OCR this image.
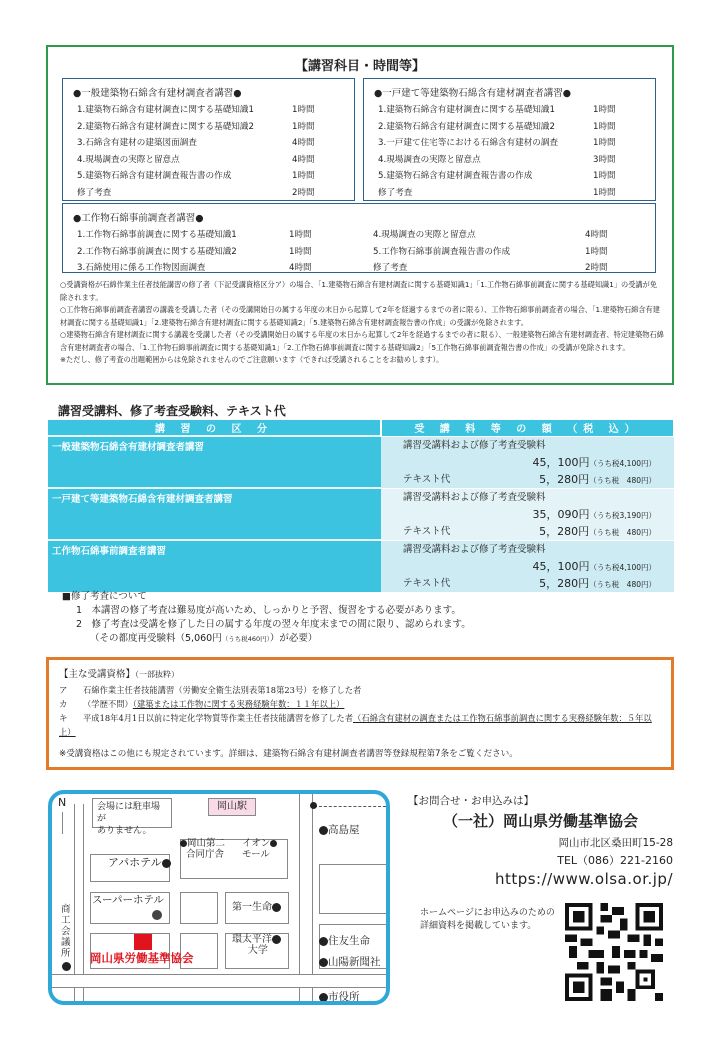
【講習科目・時間等】
●一般建築物石綿含有建材調査者講習●
1.建築物石綿含有建材調査に関する基礎知識1	1時間
2.建築物石綿含有建材調査に関する基礎知識2	1時間
3.石綿含有建材の建築図面調査	4時間
4.現場調査の実際と留意点	4時間
5.建築物石綿含有建材調査報告書の作成	1時間
修了考査	2時間
●一戸建て等建築物石綿含有建材調査者講習●
1.建築物石綿含有建材調査に関する基礎知識1	1時間
2.建築物石綿含有建材調査に関する基礎知識2	1時間
3.一戸建て住宅等における石綿含有建材の調査	1時間
4.現場調査の実際と留意点	3時間
5.建築物石綿含有建材調査報告書の作成	1時間
修了考査	1時間
●工作物石綿事前調査者講習●
1.工作物石綿事前調査に関する基礎知識1	1時間
2.工作物石綿事前調査に関する基礎知識2	1時間
3.石綿使用に係る工作物図面調査	4時間
4.現場調査の実際と留意点	4時間
5.工作物石綿事前調査報告書の作成	1時間
修了考査	2時間
○受講資格が石綿作業主任者技能講習の修了者（下記受講資格区分ア）の場合、「1.建築物石綿含有建材調査に関する基礎知識1」「1.工作物石綿事前調査に関する基礎知識1」の受講が免除されます。
○工作物石綿事前調査者講習の講義を受講した者（その受講開始日の属する年度の末日から起算して2年を経過するまでの者に限る）、工作物石綿事前調査者の場合、「1.建築物石綿含有建材調査に関する基礎知識1」「2.建築物石綿含有建材調査に関する基礎知識2」「5.建築物石綿含有建材調査報告書の作成」の受講が免除されます。
○建築物石綿含有建材調査に関する講義を受講した者（その受講開始日の属する年度の末日から起算して2年を経過するまでの者に限る）、一般建築物石綿含有建材調査者、特定建築物石綿含有建材調査者の場合、「1.工作物石綿事前調査に関する基礎知識1」「2.工作物石綿事前調査に関する基礎知識2」「5工作物石綿事前調査報告書の作成」の受講が免除されます。
※ただし、修了考査の出題範囲からは免除されませんのでご注意願います（できれば受講されることをお勧めします）。
講習受講料、修了考査受験料、テキスト代
講 習 の 区 分	受 講 料 等 の 額 （税 込）
一般建築物石綿含有建材調査者講習	講習受講料および修了考査受験料
45，100円（うち税4,100円）
テキスト代 5，280円（うち税　480円）

一戸建て等建築物石綿含有建材調査者講習	講習受講料および修了考査受験料
35，090円（うち税3,190円）
テキスト代 5，280円（うち税　480円）

工作物石綿事前調査者講習	講習受講料および修了考査受験料
45，100円（うち税4,100円）
テキスト代 5，280円（うち税　480円）
■修了考査について
1　本講習の修了考査は難易度が高いため、しっかりと予習、復習をする必要があります。
2　修了考査は受講を修了した日の属する年度の翌々年度末までの間に限り、認められます。
（その都度再受験料（5,060円（うち税460円））が必要）
【主な受講資格】（一部抜粋）
ア 石綿作業主任者技能講習（労働安全衛生法別表第18第23号）を修了した者
カ （学歴不問）（建築または工作物に関する実務経験年数：１１年以上）
キ 平成18年4月1日以前に特定化学物質等作業主任者技能講習を修了した者（石綿含有建材の調査または工作物石綿事前調査に関する実務経験年数：５年以上）
※受講資格はこの他にも規定されています。詳細は、建築物石綿含有建材調査者講習等登録規程第7条をご覧ください。
会場には駐車場が
ありません。
岡山駅
N
アパホテル
岡山第二
合同庁舎
イオン
モール
高島屋
スーパーホテル
第一生命
環太平洋
大学
住友生命
山陽新聞社
市役所
商工会議所 岡山県労働基準協会
【お問合せ・お申込みは】
（一社）岡山県労働基準協会
岡山市北区桑田町15-28
TEL（086）221-2160
https://www.olsa.or.jp/
ホームページにお申込みのための詳細資料を掲載しています。
